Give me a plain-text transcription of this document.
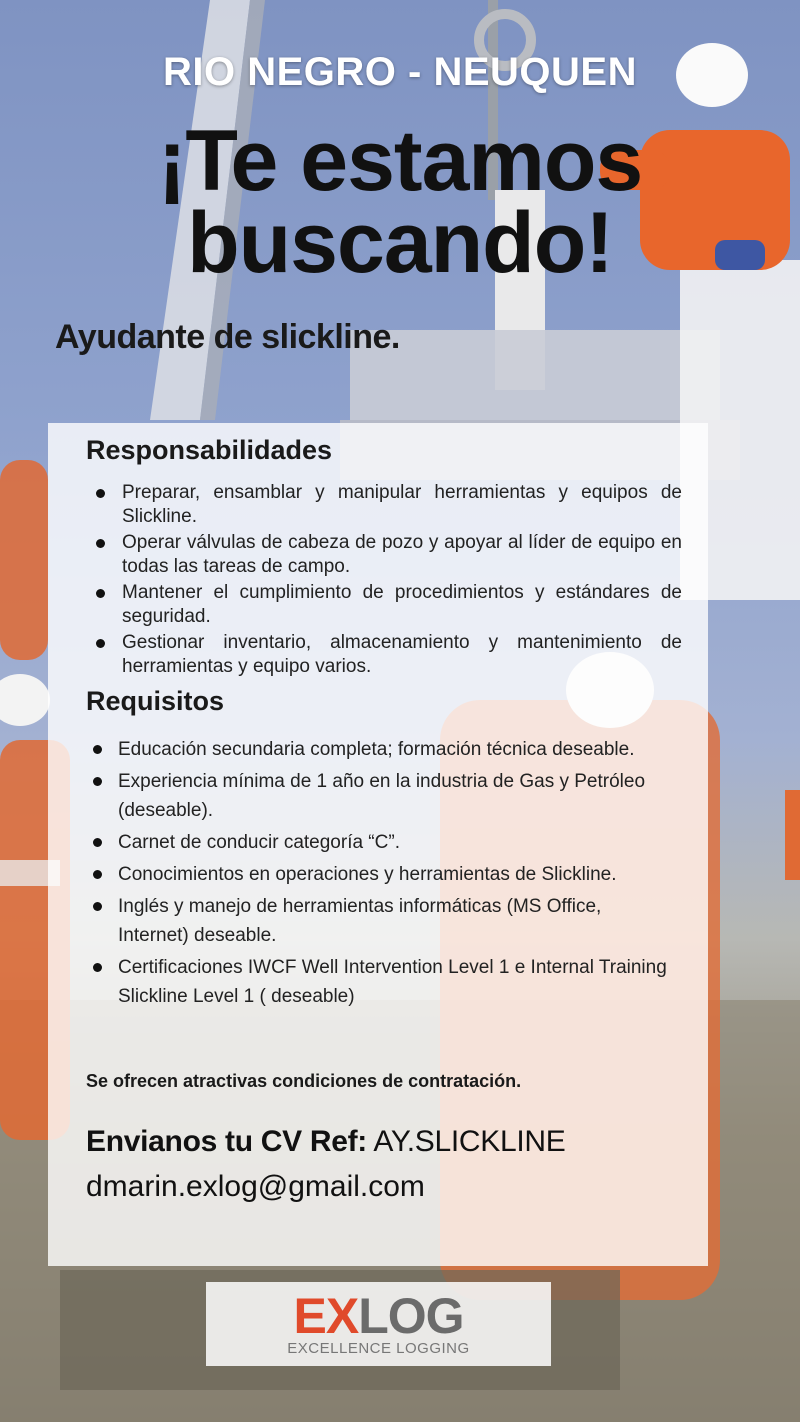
RIO NEGRO - NEUQUEN
¡Te estamos
buscando!
Ayudante de slickline.
Responsabilidades
Preparar, ensamblar y manipular herramientas y equipos de Slickline.
Operar válvulas de cabeza de pozo y apoyar al líder de equipo en todas las tareas de campo.
Mantener el cumplimiento de procedimientos y estándares de seguridad.
Gestionar inventario, almacenamiento y mantenimiento de herramientas y equipo varios.
Requisitos
Educación secundaria completa; formación técnica deseable.
Experiencia mínima de 1 año en la industria de Gas y Petróleo (deseable).
Carnet de conducir categoría “C”.
Conocimientos en operaciones y herramientas de Slickline.
Inglés y manejo de herramientas informáticas (MS Office, Internet) deseable.
Certificaciones IWCF Well Intervention Level 1 e Internal Training Slickline Level 1 ( deseable)
Se ofrecen atractivas condiciones de contratación.
Envianos tu CV Ref: AY.SLICKLINE
dmarin.exlog@gmail.com
EXLOG
EXCELLENCE LOGGING
